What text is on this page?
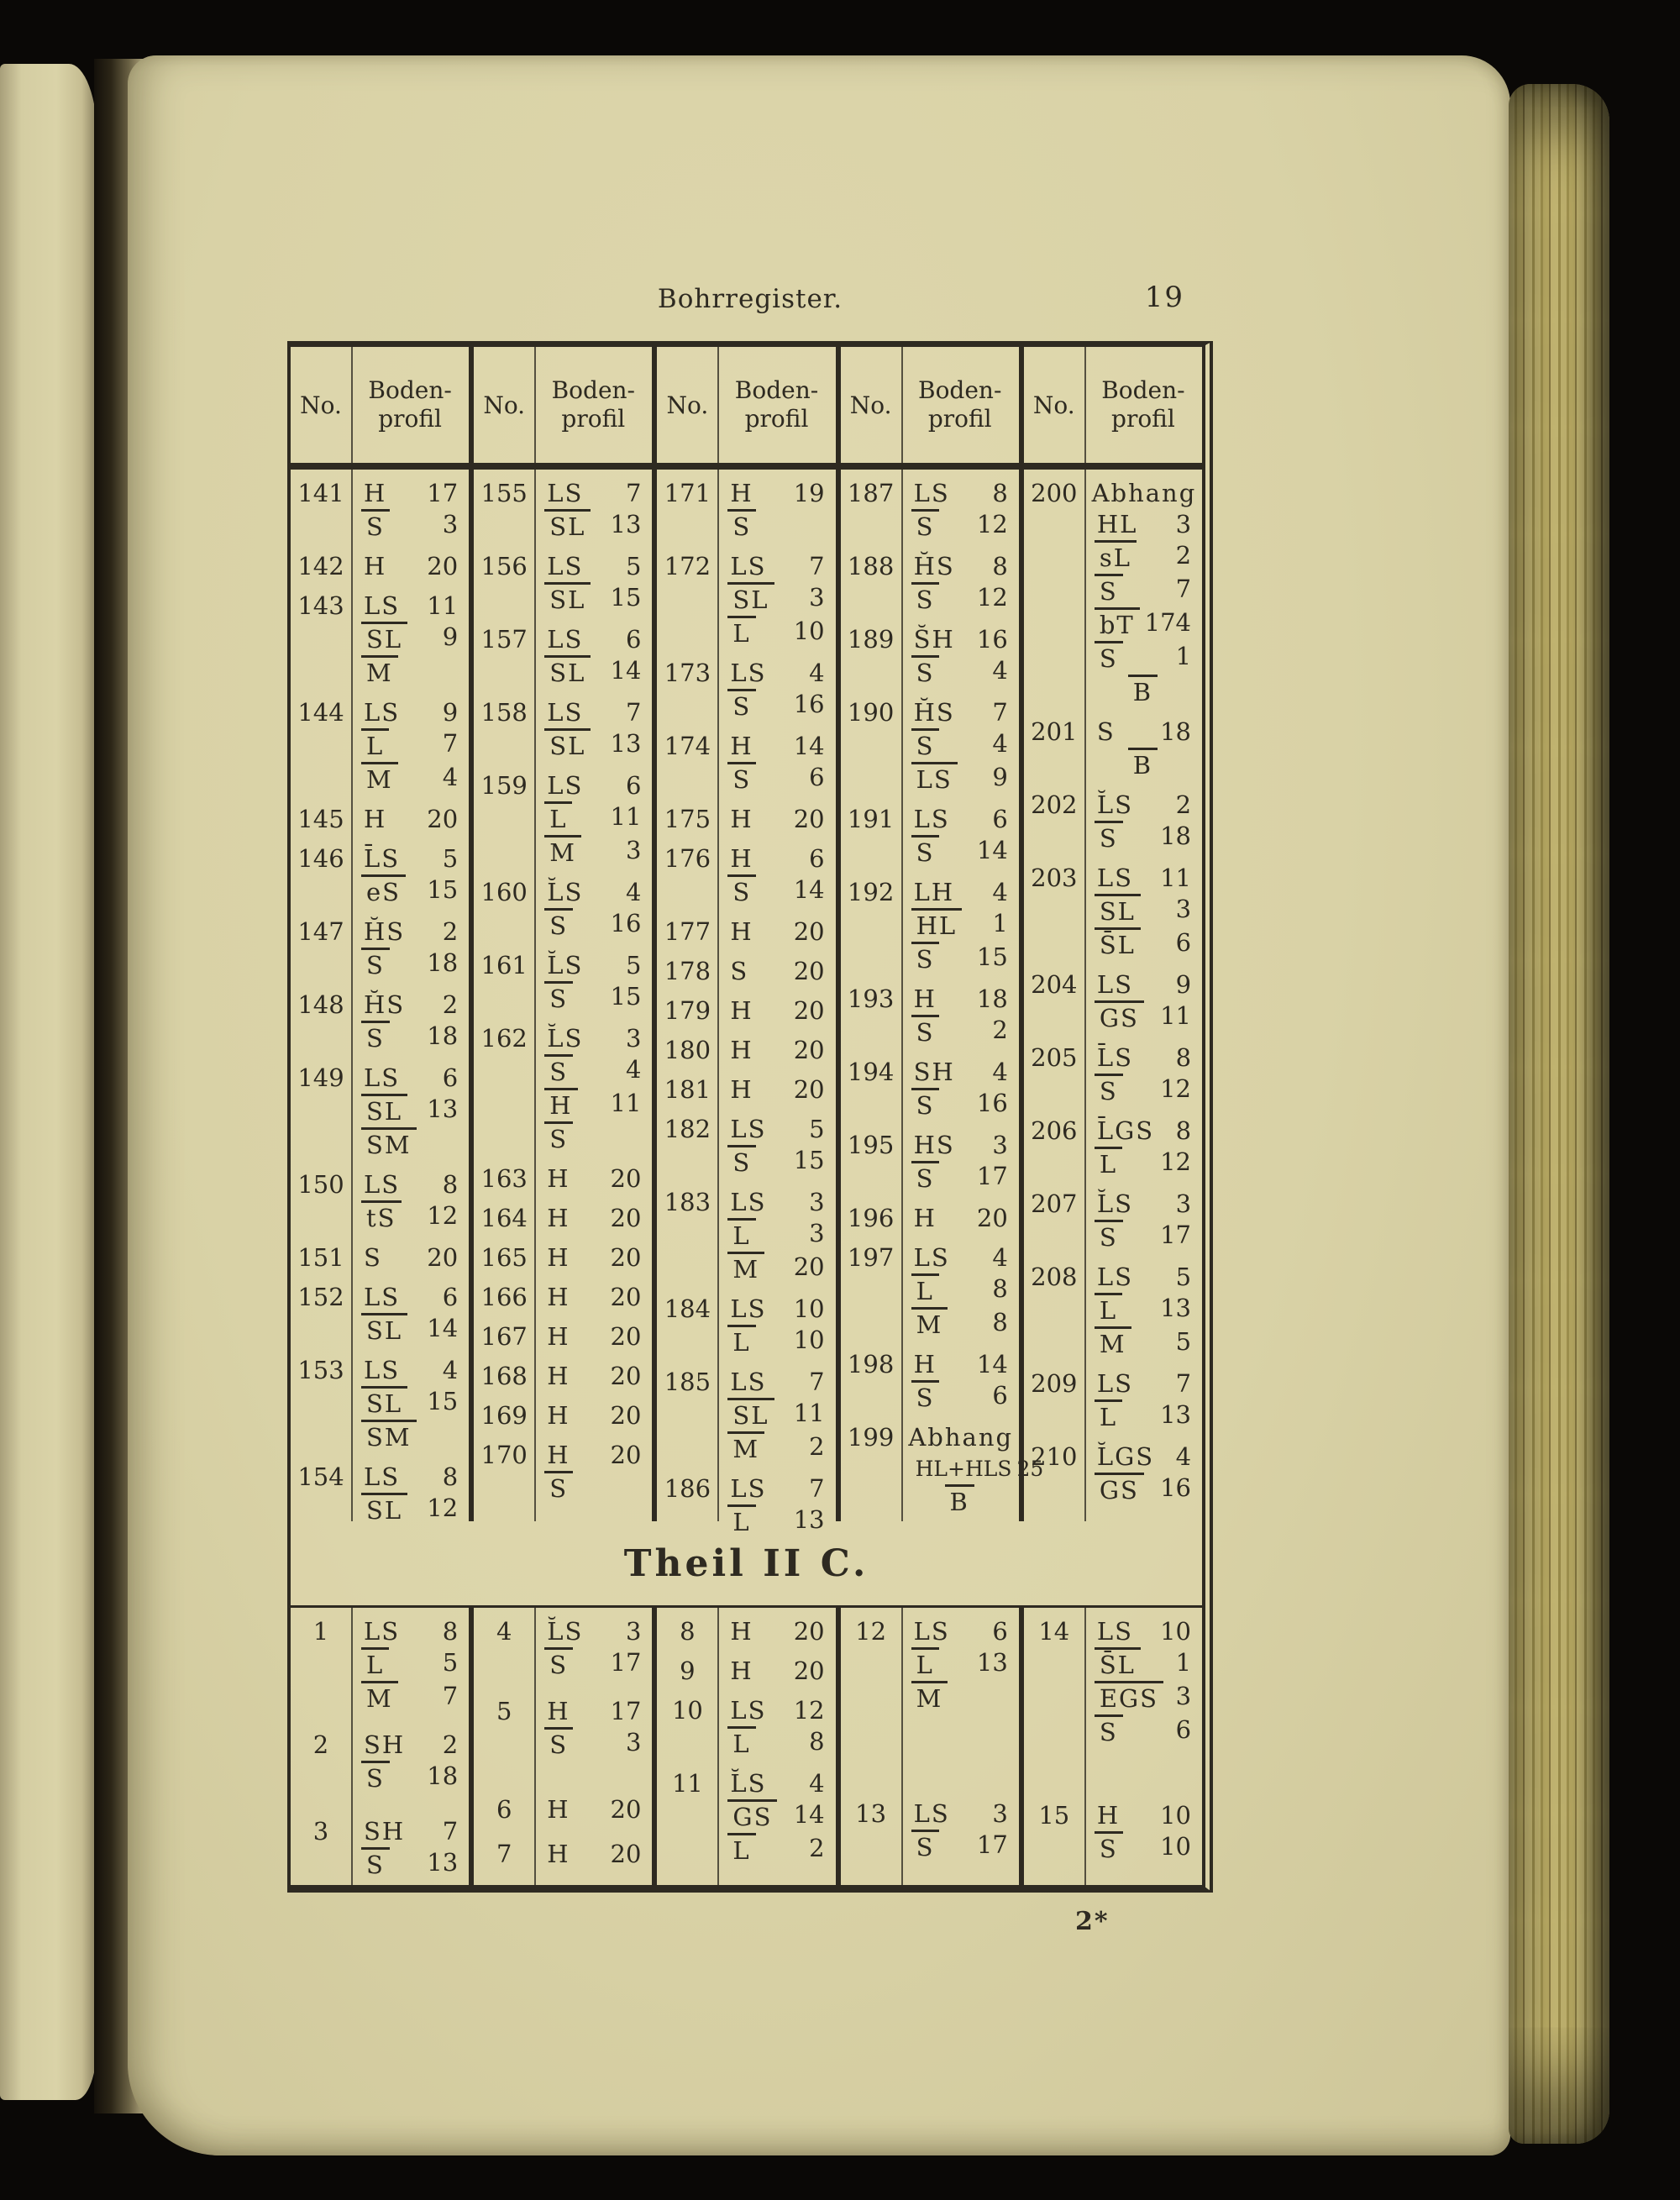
Bohrregister.	19
No.
Boden-
profil	No.
Boden-
profil	No.
Boden-
profil	No.
Boden-
profil	No.
Boden-
profil
141 H 17
S 3
142 H 20
143 LS 11
SL 9
M
144 LS 9
L 7
M 4
145 H 20
146 L̄S 5
eS 15
147 H̆S 2
S 18
148 H̆S 2
S 18
149 LS 6
SL 13
SM
150 LS 8
tS 12
151 S 20
152 LS 6
SL 14
153 LS 4
SL 15
SM
154 LS 8
SL 12
155 LS 7
SL 13
156 LS 5
SL 15
157 LS 6
SL 14
158 LS 7
SL 13
159 LS 6
L 11
M 3
160 L̆S 4
S 16
161 L̆S 5
S 15
162 L̆S 3
S 4
H 11
S
163 H 20
164 H 20
165 H 20
166 H 20
167 H 20
168 H 20
169 H 20
170 H 20
S
171 H 19
S
172 LS 7
SL 3
L 10
173 LS 4
S 16
174 H 14
S 6
175 H 20
176 H 6
S 14
177 H 20
178 S 20
179 H 20
180 H 20
181 H 20
182 LS 5
S 15
183 LS 3
L 3
M 20
184 LS 10
L 10
185 LS 7
SL 11
M 2
186 LS 7
L 13
187 LS 8
S 12
188 H̆S 8
S 12
189 S̆H 16
S 4
190 H̆S 7
S 4
LS 9
191 LS 6
S 14
192 LH 4
HL 1
S 15
193 H 18
S 2
194 SH 4
S 16
195 HS 3
S 17
196 H 20
197 LS 4
L 8
M 8
198 H 14
S 6
199 Abhang
HL+HLS 25
B
200 Abhang
HL 3
sL 2
S 7
bT 174
S 1
B
201 S 18
B
202 L̆S 2
S 18
203 LS 11
SL 3
S̄L 6
204 LS 9
GS 11
205 L̄S 8
S 12
206 L̄GS 8
L 12
207 L̆S 3
S 17
208 LS 5
L 13
M 5
209 LS 7
L 13
210 L̆GS 4
GS 16
Theil II C.
1	LS 8
L 5
M 7
2	SH 2
S 18
3	SH 7
S 13
4	L̆S 3
S 17
5	H 17
S 3
6	H 20
7	H 20
8	H 20
9	H 20
10	LS 12
L 8
11	L̆S 4
GS 14
L 2
12	LS 6
L 13
M
13	LS 3
S 17
14	LS 10
S̄L 1
EGS 3
S 6
15	H 10
S 10
2*
